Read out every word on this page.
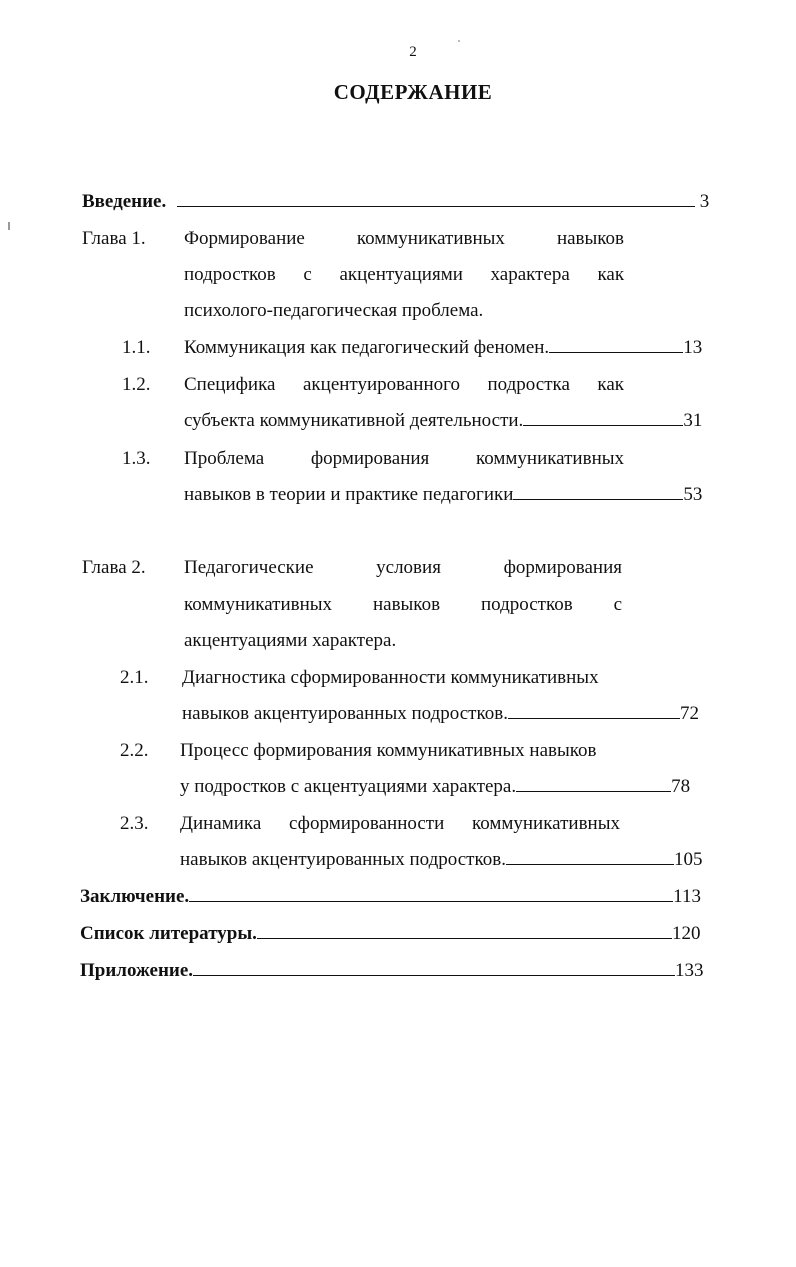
2
СОДЕРЖАНИЕ
Введение.	3
Глава 1. Формирование	коммуникативных	навыков
подростков с акцентуациями характера как
психолого-педагогическая проблема.
1.1. Коммуникация как педагогический феномен.	13
1.2. Специфика акцентуированного подростка как
субъекта коммуникативной деятельности.	31
1.3. Проблема формирования коммуникативных
навыков в теории и практике педагогики	53
Глава 2. Педагогические	условия	формирования
коммуникативных навыков подростков с
акцентуациями характера.
2.1. Диагностика сформированности коммуникативных
навыков акцентуированных подростков.	72
2.2. Процесс формирования коммуникативных навыков
у подростков с акцентуациями характера.	78
2.3. Динамика сформированности коммуникативных
навыков акцентуированных подростков.	105
Заключение.	113
Список литературы.	120
Приложение.	133
